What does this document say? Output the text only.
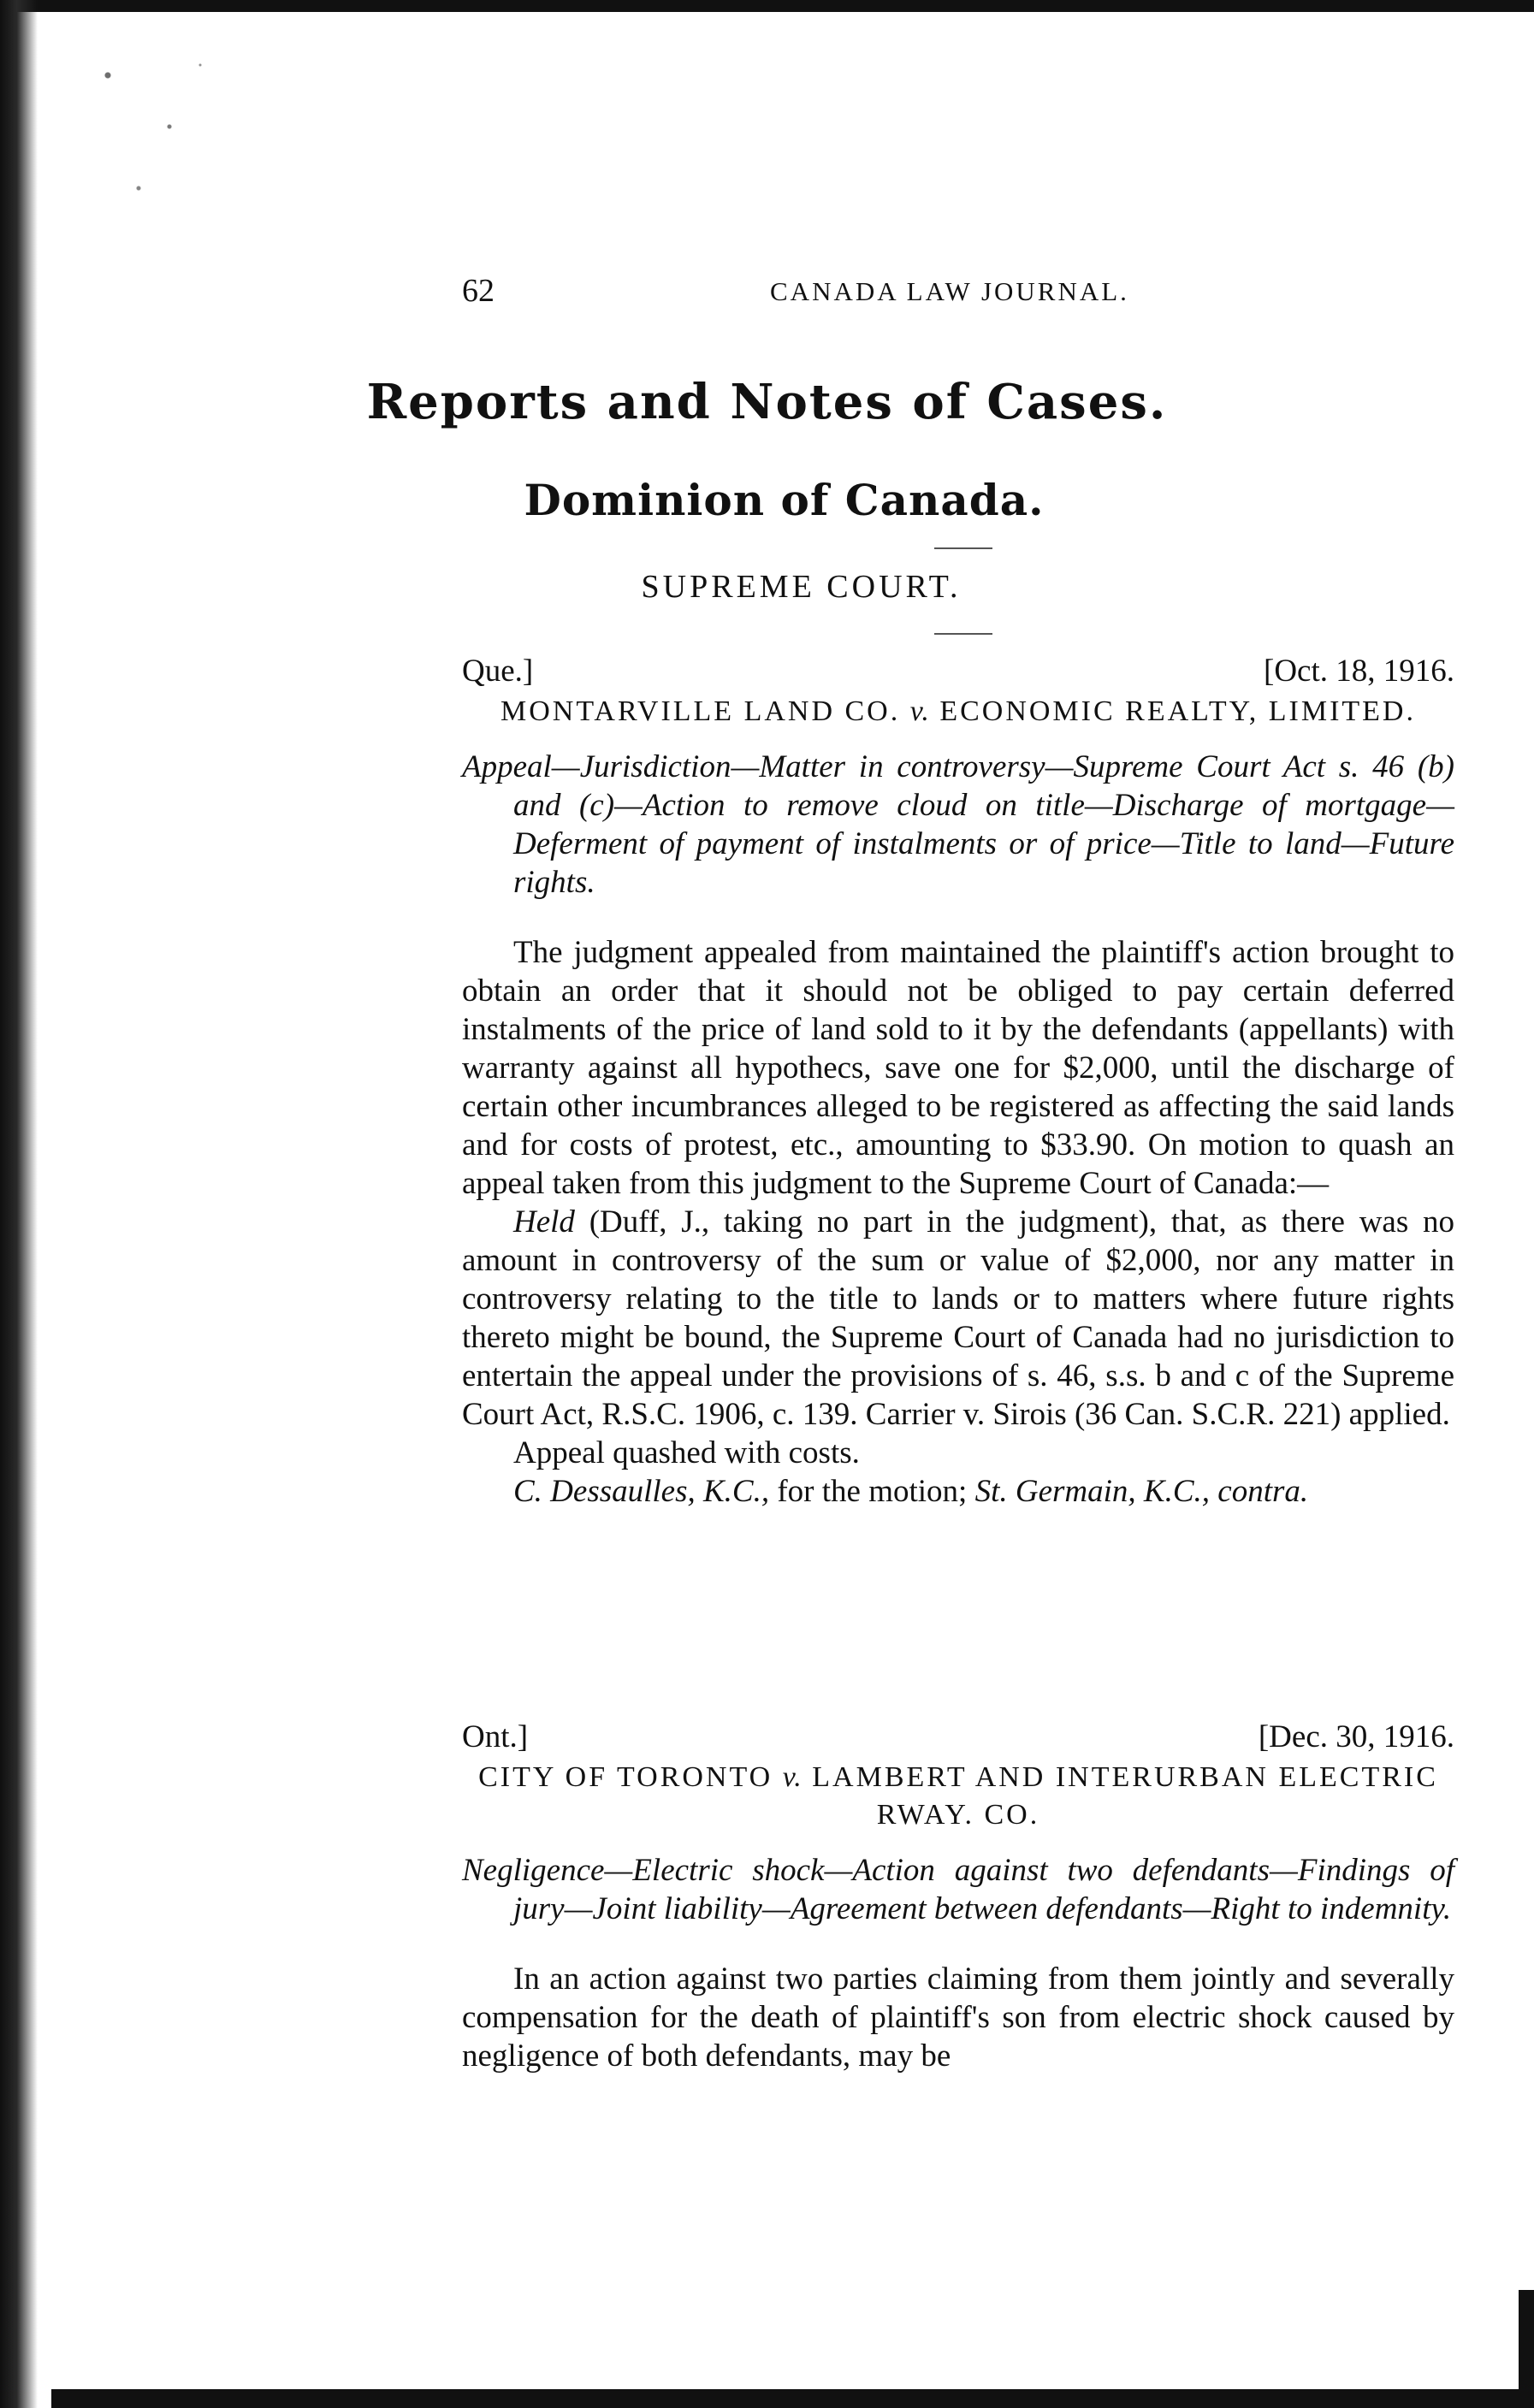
62	CANADA LAW JOURNAL.
Reports and Notes of Cases.
Dominion of Canada.
SUPREME COURT.
Que.]	[Oct. 18, 1916.
MONTARVILLE LAND CO. v. ECONOMIC REALTY, LIMITED.

Appeal—Jurisdiction—Matter in controversy—Supreme Court Act s. 46 (b) and (c)—Action to remove cloud on title—Discharge of mortgage—Deferment of payment of instalments or of price—Title to land—Future rights.

The judgment appealed from maintained the plaintiff's action brought to obtain an order that it should not be obliged to pay certain deferred instalments of the price of land sold to it by the defendants (appellants) with warranty against all hypothecs, save one for $2,000, until the discharge of certain other incumbrances alleged to be registered as affecting the said lands and for costs of protest, etc., amounting to $33.90. On motion to quash an appeal taken from this judgment to the Supreme Court of Canada:—

Held (Duff, J., taking no part in the judgment), that, as there was no amount in controversy of the sum or value of $2,000, nor any matter in controversy relating to the title to lands or to matters where future rights thereto might be bound, the Supreme Court of Canada had no jurisdiction to entertain the appeal under the provisions of s. 46, s.s. b and c of the Supreme Court Act, R.S.C. 1906, c. 139. Carrier v. Sirois (36 Can. S.C.R. 221) applied.

Appeal quashed with costs.

C. Dessaulles, K.C., for the motion; St. Germain, K.C., contra.

Ont.]	[Dec. 30, 1916.
CITY OF TORONTO v. LAMBERT AND INTERURBAN ELECTRIC RWAY. CO.

Negligence—Electric shock—Action against two defendants—Findings of jury—Joint liability—Agreement between defendants—Right to indemnity.

In an action against two parties claiming from them jointly and severally compensation for the death of plaintiff's son from electric shock caused by negligence of both defendants, may be
